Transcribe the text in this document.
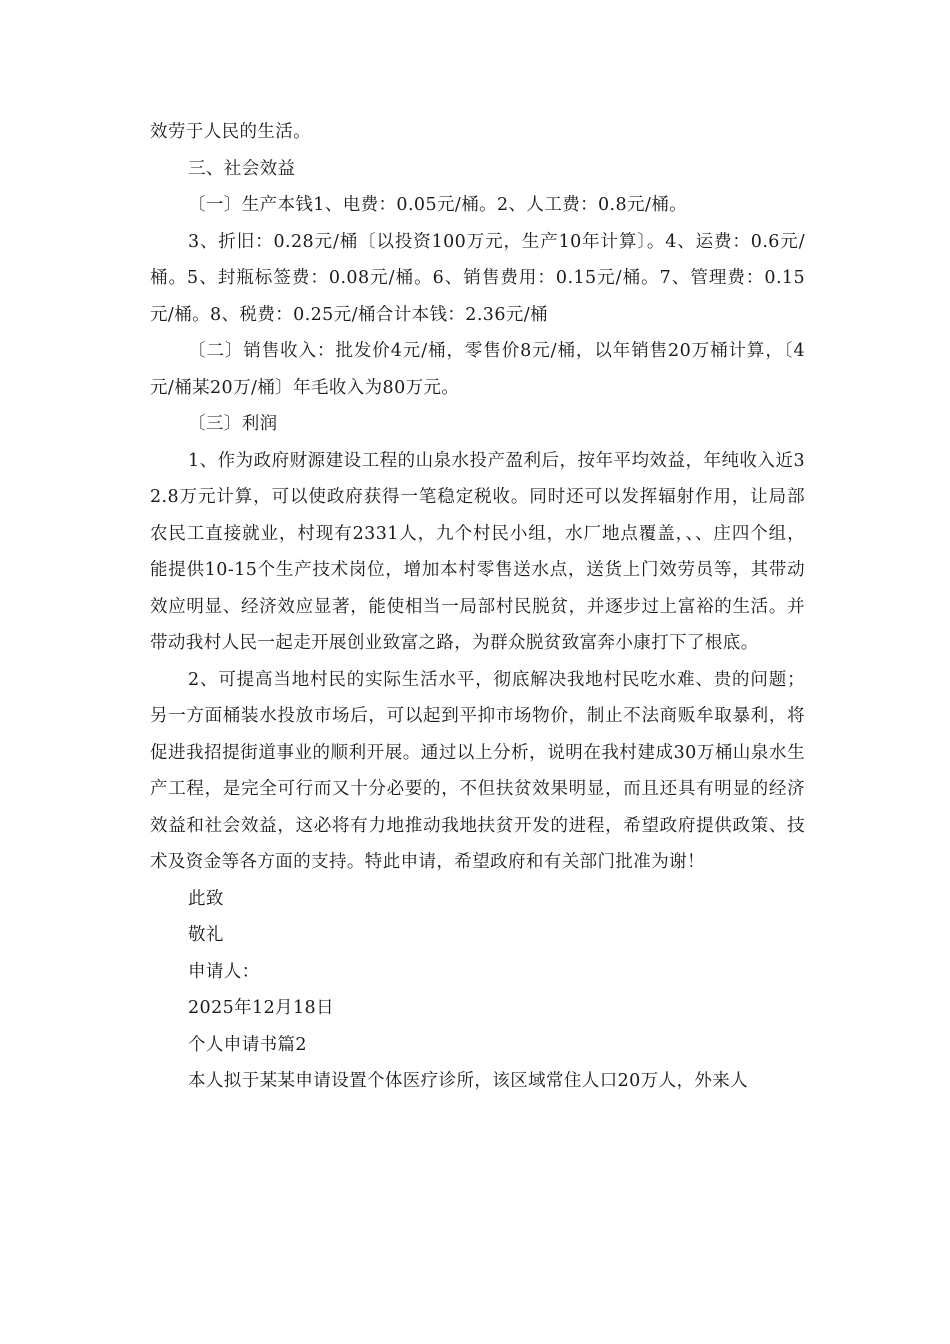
效劳于人民的生活。

三、社会效益

〔一〕生产本钱1、电费：0.05元/桶。2、人工费：0.8元/桶。

3、折旧：0.28元/桶〔以投资100万元，生产10年计算〕。4、运费：0.6元/桶。5、封瓶标签费：0.08元/桶。6、销售费用：0.15元/桶。7、管理费：0.15元/桶。8、税费：0.25元/桶合计本钱：2.36元/桶

〔二〕销售收入：批发价4元/桶，零售价8元/桶，以年销售20万桶计算，〔4元/桶某20万/桶〕年毛收入为80万元。

〔三〕利润

1、作为政府财源建设工程的山泉水投产盈利后，按年平均效益，年纯收入近32.8万元计算，可以使政府获得一笔稳定税收。同时还可以发挥辐射作用，让局部农民工直接就业，村现有2331人，九个村民小组，水厂地点覆盖，、、庄四个组，能提供10-15个生产技术岗位，增加本村零售送水点，送货上门效劳员等，其带动效应明显、经济效应显著，能使相当一局部村民脱贫，并逐步过上富裕的生活。并带动我村人民一起走开展创业致富之路，为群众脱贫致富奔小康打下了根底。

2、可提高当地村民的实际生活水平，彻底解决我地村民吃水难、贵的问题；另一方面桶装水投放市场后，可以起到平抑市场物价，制止不法商贩牟取暴利，将促进我招提街道事业的顺利开展。通过以上分析，说明在我村建成30万桶山泉水生产工程，是完全可行而又十分必要的，不但扶贫效果明显，而且还具有明显的经济效益和社会效益，这必将有力地推动我地扶贫开发的进程，希望政府提供政策、技术及资金等各方面的支持。特此申请，希望政府和有关部门批准为谢！

此致

敬礼

申请人：

2025年12月18日

个人申请书篇2

本人拟于某某申请设置个体医疗诊所，该区域常住人口20万人，外来人
